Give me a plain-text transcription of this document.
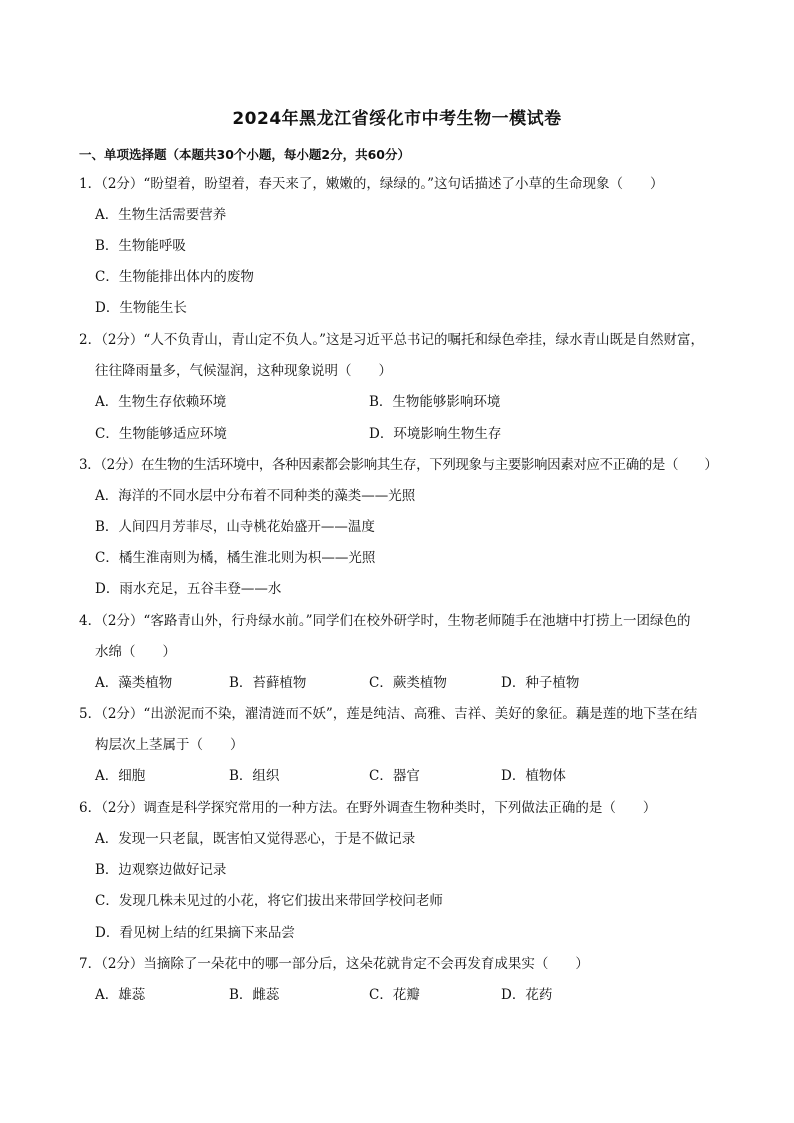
2024年黑龙江省绥化市中考生物一模试卷
一、单项选择题（本题共30个小题，每小题2分，共60分）
1．（2分）“盼望着，盼望着，春天来了，嫩嫩的，绿绿的。”这句话描述了小草的生命现象（　　）
A．生物生活需要营养
B．生物能呼吸
C．生物能排出体内的废物
D．生物能生长
2．（2分）“人不负青山，青山定不负人。”这是习近平总书记的嘱托和绿色牵挂，绿水青山既是自然财富，
往往降雨量多，气候湿润，这种现象说明（　　）
A．生物生存依赖环境	B．生物能够影响环境
C．生物能够适应环境	D．环境影响生物生存
3．（2分）在生物的生活环境中，各种因素都会影响其生存，下列现象与主要影响因素对应不正确的是（　　）
A．海洋的不同水层中分布着不同种类的藻类——光照
B．人间四月芳菲尽，山寺桃花始盛开——温度
C．橘生淮南则为橘，橘生淮北则为枳——光照
D．雨水充足，五谷丰登——水
4．（2分）“客路青山外，行舟绿水前。”同学们在校外研学时，生物老师随手在池塘中打捞上一团绿色的
水绵（　　）
A．藻类植物	B．苔藓植物	C．蕨类植物	D．种子植物
5．（2分）“出淤泥而不染，濯清涟而不妖”，莲是纯洁、高雅、吉祥、美好的象征。藕是莲的地下茎在结
构层次上茎属于（　　）
A．细胞	B．组织	C．器官	D．植物体
6．（2分）调查是科学探究常用的一种方法。在野外调查生物种类时，下列做法正确的是（　　）
A．发现一只老鼠，既害怕又觉得恶心，于是不做记录
B．边观察边做好记录
C．发现几株未见过的小花，将它们拔出来带回学校问老师
D．看见树上结的红果摘下来品尝
7．（2分）当摘除了一朵花中的哪一部分后，这朵花就肯定不会再发育成果实（　　）
A．雄蕊	B．雌蕊	C．花瓣	D．花药
